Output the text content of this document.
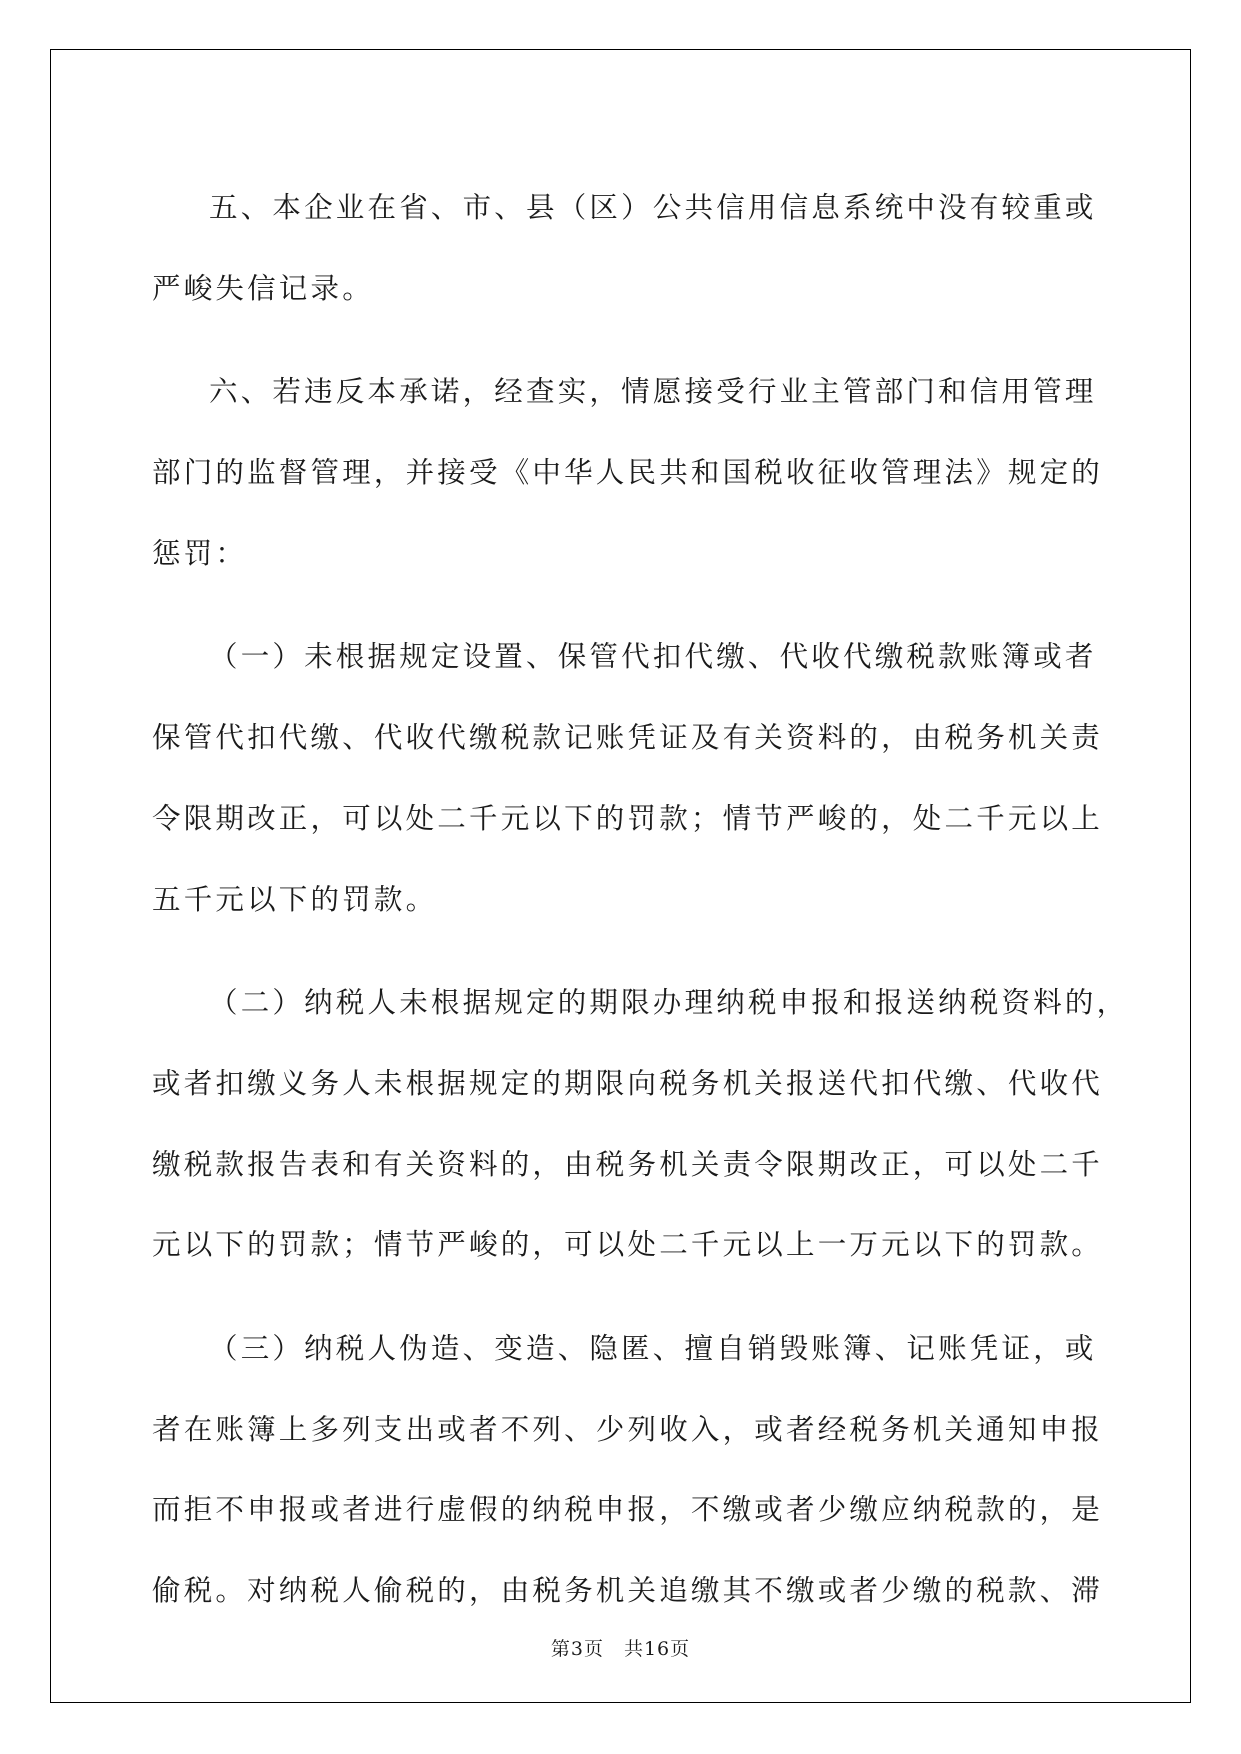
五、本企业在省、市、县（区）公共信用信息系统中没有较重或
严峻失信记录。

六、若违反本承诺，经查实，情愿接受行业主管部门和信用管理
部门的监督管理，并接受《中华人民共和国税收征收管理法》规定的
惩罚：

（一）未根据规定设置、保管代扣代缴、代收代缴税款账簿或者
保管代扣代缴、代收代缴税款记账凭证及有关资料的，由税务机关责
令限期改正，可以处二千元以下的罚款；情节严峻的，处二千元以上
五千元以下的罚款。

（二）纳税人未根据规定的期限办理纳税申报和报送纳税资料的，
或者扣缴义务人未根据规定的期限向税务机关报送代扣代缴、代收代
缴税款报告表和有关资料的，由税务机关责令限期改正，可以处二千
元以下的罚款；情节严峻的，可以处二千元以上一万元以下的罚款。

（三）纳税人伪造、变造、隐匿、擅自销毁账簿、记账凭证，或
者在账簿上多列支出或者不列、少列收入，或者经税务机关通知申报
而拒不申报或者进行虚假的纳税申报，不缴或者少缴应纳税款的，是
偷税。对纳税人偷税的，由税务机关追缴其不缴或者少缴的税款、滞

第3页 共16页
